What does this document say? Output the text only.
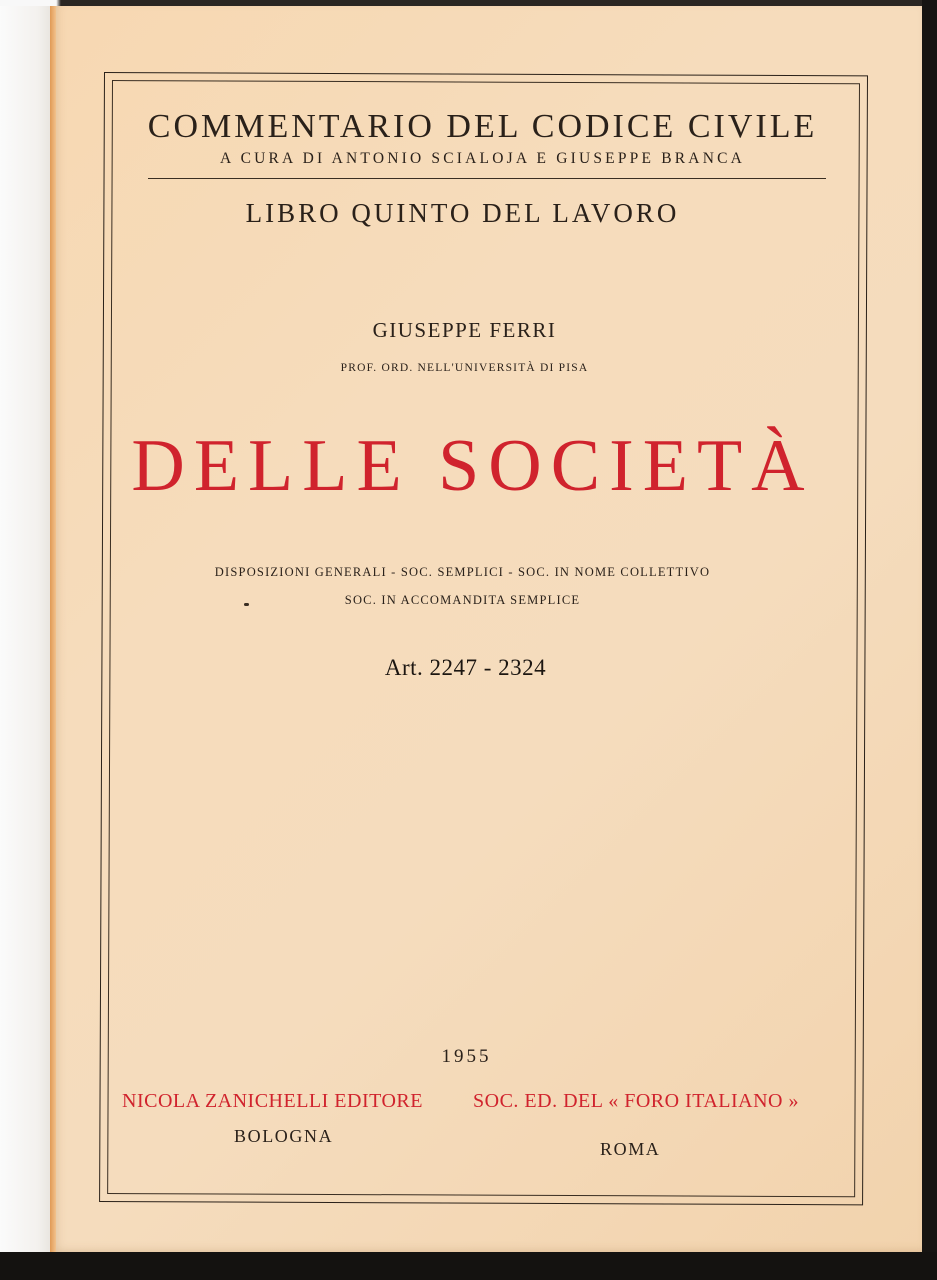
COMMENTARIO DEL CODICE CIVILE
A CURA DI ANTONIO SCIALOJA E GIUSEPPE BRANCA
LIBRO QUINTO DEL LAVORO
GIUSEPPE FERRI
PROF. ORD. NELL'UNIVERSITÀ DI PISA
DELLE SOCIETÀ
DISPOSIZIONI GENERALI - SOC. SEMPLICI - SOC. IN NOME COLLETTIVO
SOC. IN ACCOMANDITA SEMPLICE
Art. 2247 - 2324
1955
NICOLA ZANICHELLI EDITORE	SOC. ED. DEL « FORO ITALIANO »
BOLOGNA
ROMA
